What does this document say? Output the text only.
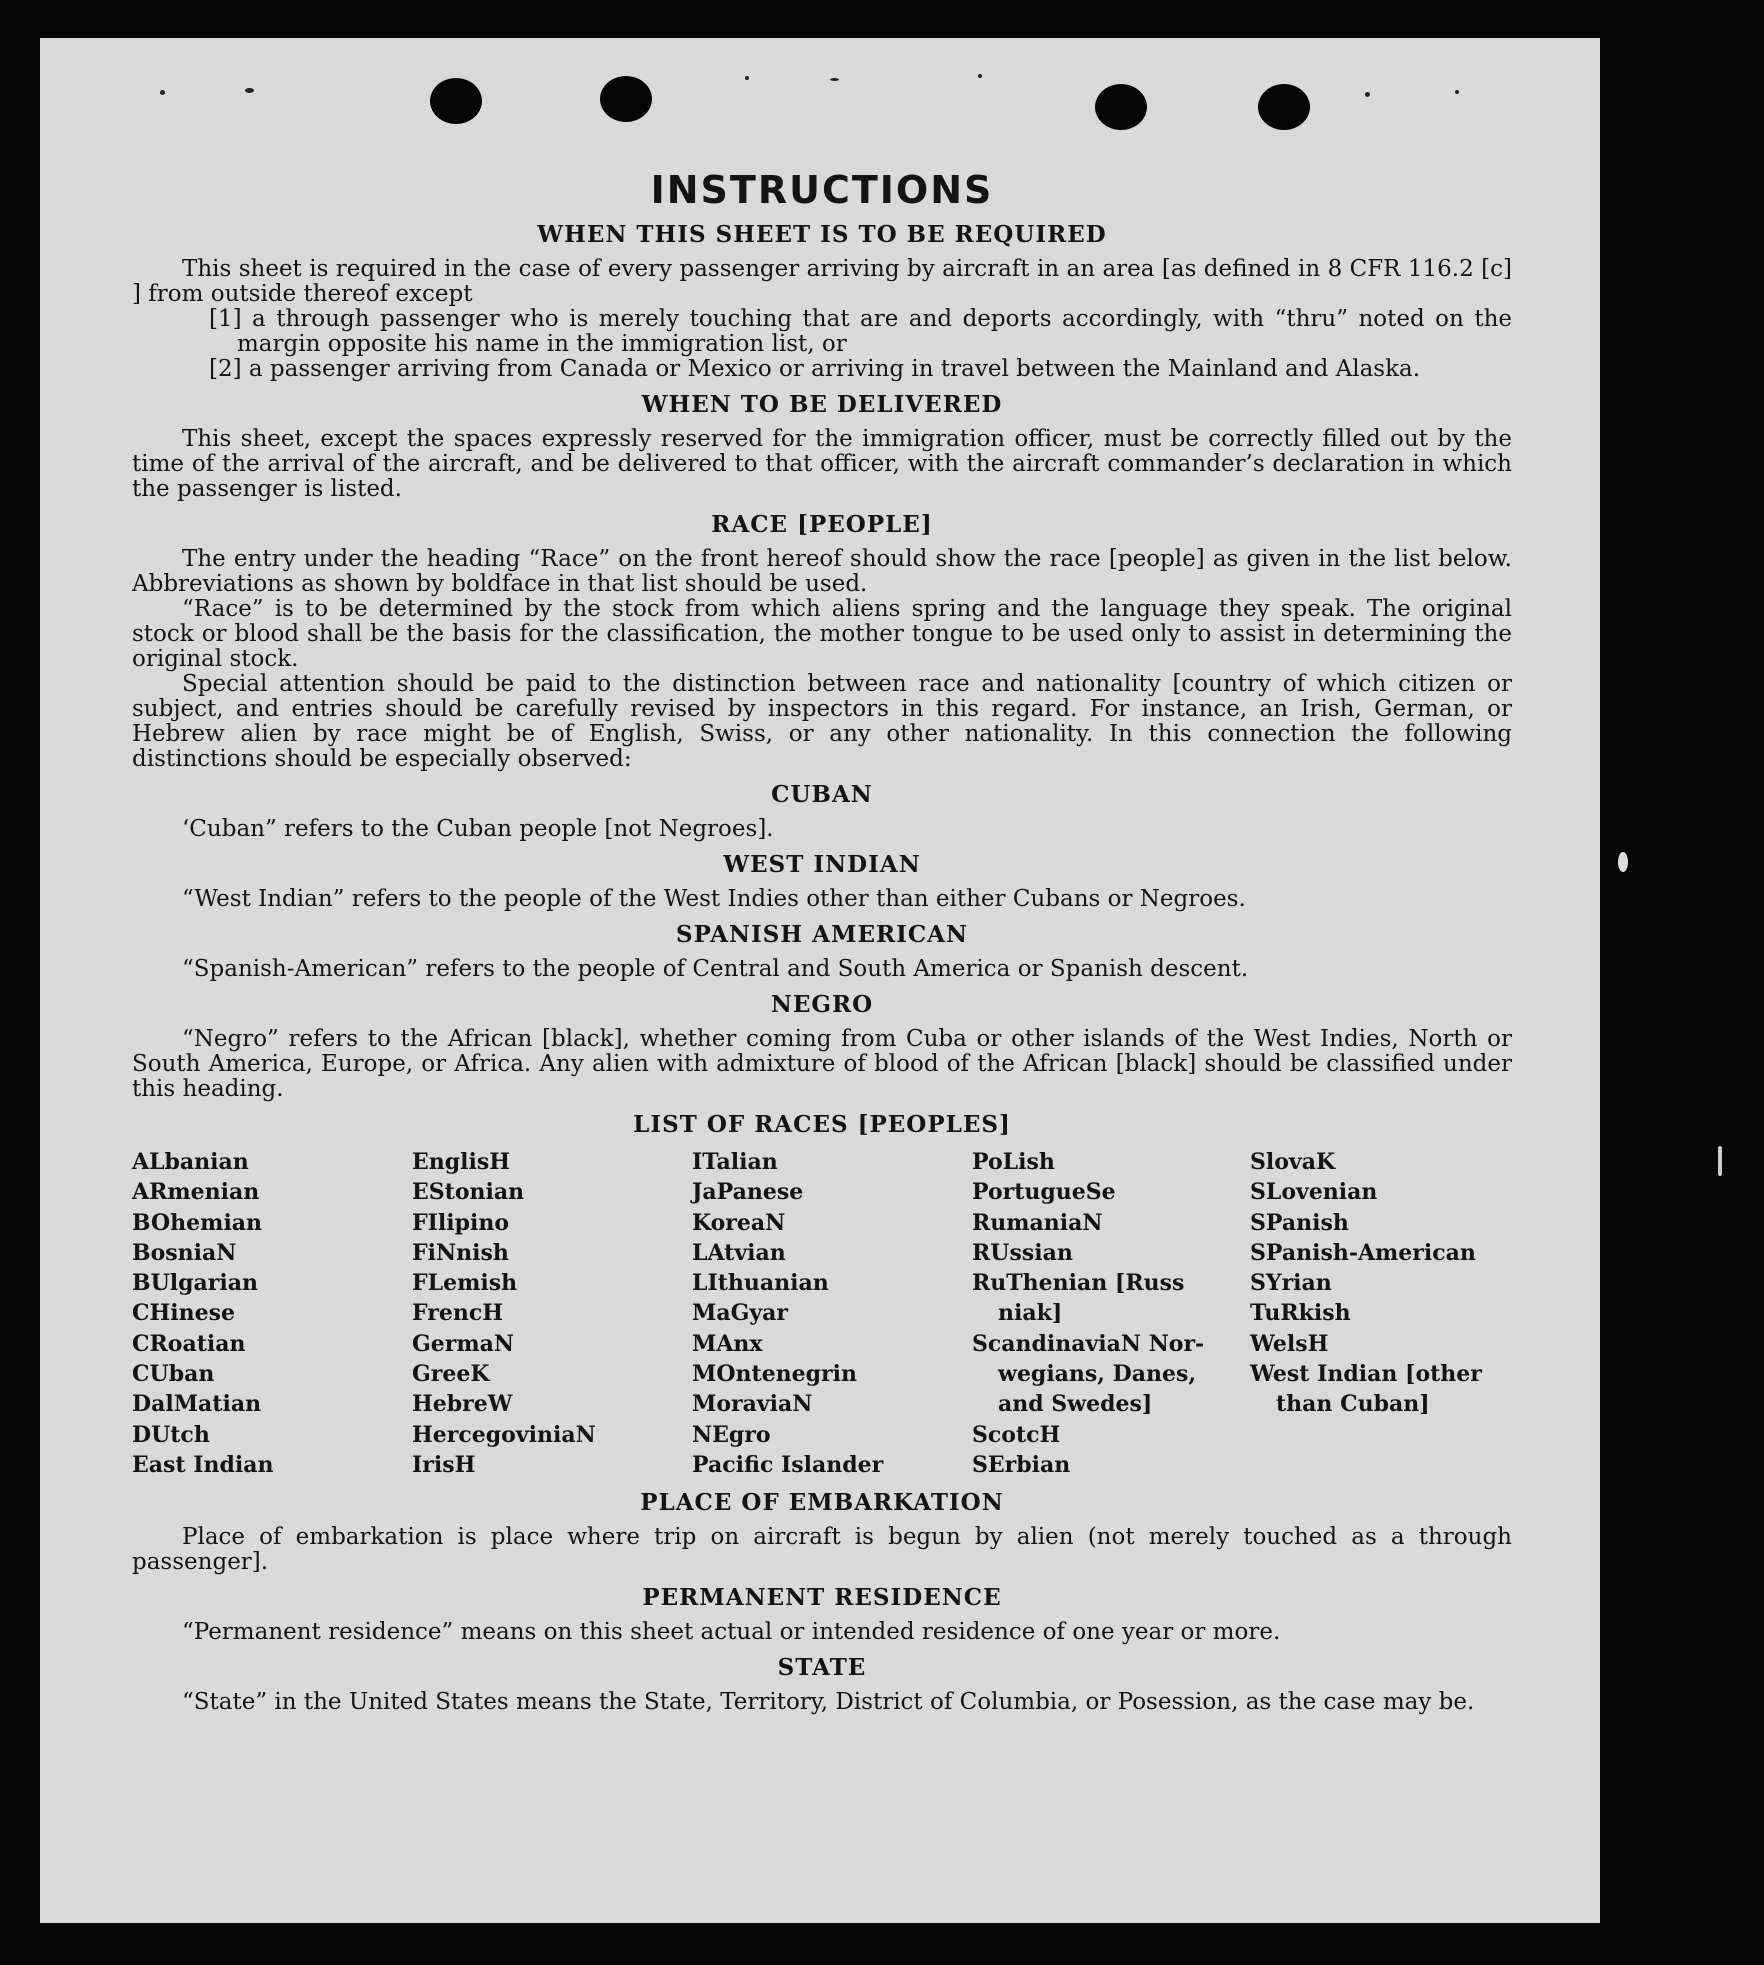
INSTRUCTIONS
WHEN THIS SHEET IS TO BE REQUIRED

This sheet is required in the case of every passenger arriving by aircraft in an area [as defined in 8 CFR 116.2 [c] ] from outside thereof except

[1] a through passenger who is merely touching that are and deports accordingly, with “thru” noted on the margin opposite his name in the immigration list, or

[2] a passenger arriving from Canada or Mexico or arriving in travel between the Mainland and Alaska.

WHEN TO BE DELIVERED

This sheet, except the spaces expressly reserved for the immigration officer, must be correctly filled out by the time of the arrival of the aircraft, and be delivered to that officer, with the aircraft commander’s declaration in which the passenger is listed.

RACE [PEOPLE]

The entry under the heading “Race” on the front hereof should show the race [people] as given in the list below. Abbreviations as shown by boldface in that list should be used.

“Race” is to be determined by the stock from which aliens spring and the language they speak. The original stock or blood shall be the basis for the classification, the mother tongue to be used only to assist in determining the original stock.

Special attention should be paid to the distinction between race and nationality [country of which citizen or subject, and entries should be carefully revised by inspectors in this regard. For instance, an Irish, German, or Hebrew alien by race might be of English, Swiss, or any other nationality. In this connection the following distinctions should be especially observed:

CUBAN

‘Cuban” refers to the Cuban people [not Negroes].

WEST INDIAN

“West Indian” refers to the people of the West Indies other than either Cubans or Negroes.

SPANISH AMERICAN

“Spanish-American” refers to the people of Central and South America or Spanish descent.

NEGRO

“Negro” refers to the African [black], whether coming from Cuba or other islands of the West Indies, North or South America, Europe, or Africa. Any alien with admixture of blood of the African [black] should be classified under this heading.

LIST OF RACES [PEOPLES]
ALbanian
ARmenian
BOhemian
BosniaN
BUlgarian
CHinese
CRoatian
CUban
DalMatian
DUtch
East Indian
EnglisH
EStonian
FIlipino
FiNnish
FLemish
FrencH
GermaN
GreeK
HebreW
HercegoviniaN
IrisH
ITalian
JaPanese
KoreaN
LAtvian
LIthuanian
MaGyar
MAnx
MOntenegrin
MoraviaN
NEgro
Pacific Islander
PoLish
PortugueSe
RumaniaN
RUssian
RuThenian [Russ
niak]
ScandinaviaN Nor-
wegians, Danes,
and Swedes]
ScotcH
SErbian
SlovaK
SLovenian
SPanish
SPanish-American
SYrian
TuRkish
WelsH
West Indian [other
than Cuban]
PLACE OF EMBARKATION

Place of embarkation is place where trip on aircraft is begun by alien (not merely touched as a through passenger].

PERMANENT RESIDENCE

“Permanent residence” means on this sheet actual or intended residence of one year or more.

STATE

“State” in the United States means the State, Territory, District of Columbia, or Posession, as the case may be.
